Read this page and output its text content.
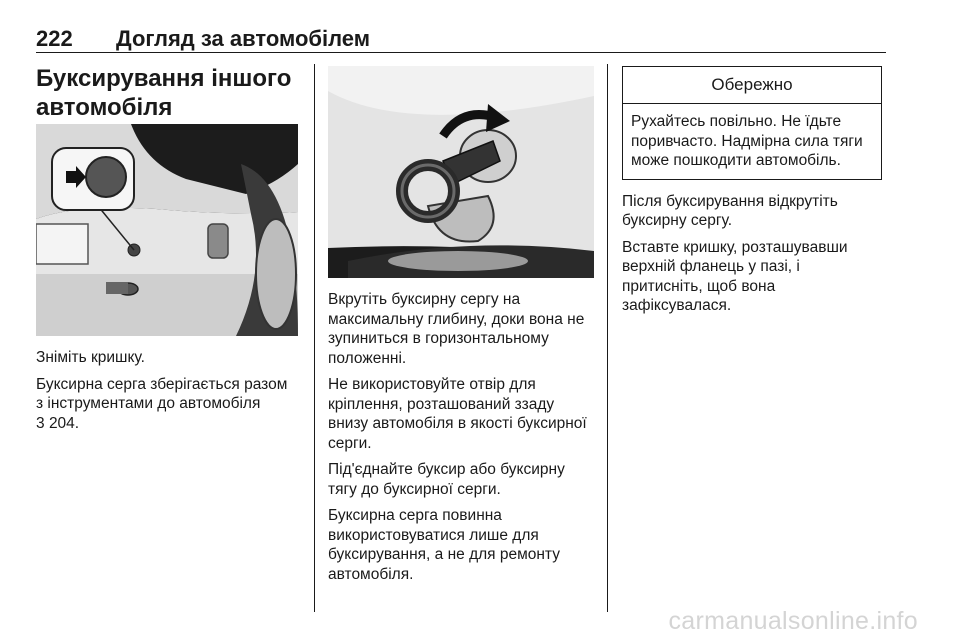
222 Догляд за автомобілем
Буксирування іншого автомобіля

Зніміть кришку.

Буксирна серга зберігається разом з інструментами до автомобіля
3 204.

Вкрутіть буксирну сергу на максимальну глибину, доки вона не зупиниться в горизонтальному положенні.

Не використовуйте отвір для кріплення, розташований ззаду внизу автомобіля в якості буксирної серги.

Під'єднайте буксир або буксирну тягу до буксирної серги.

Буксирна серга повинна використовуватися лише для буксирування, а не для ремонту автомобіля.

Обережно
Рухайтесь повільно. Не їдьте поривчасто. Надмірна сила тяги може пошкодити автомобіль.

Після буксирування відкрутіть буксирну сергу.

Вставте кришку, розташувавши верхній фланець у пазі, і притисніть, щоб вона зафіксувалася.

carmanualsonline.info
